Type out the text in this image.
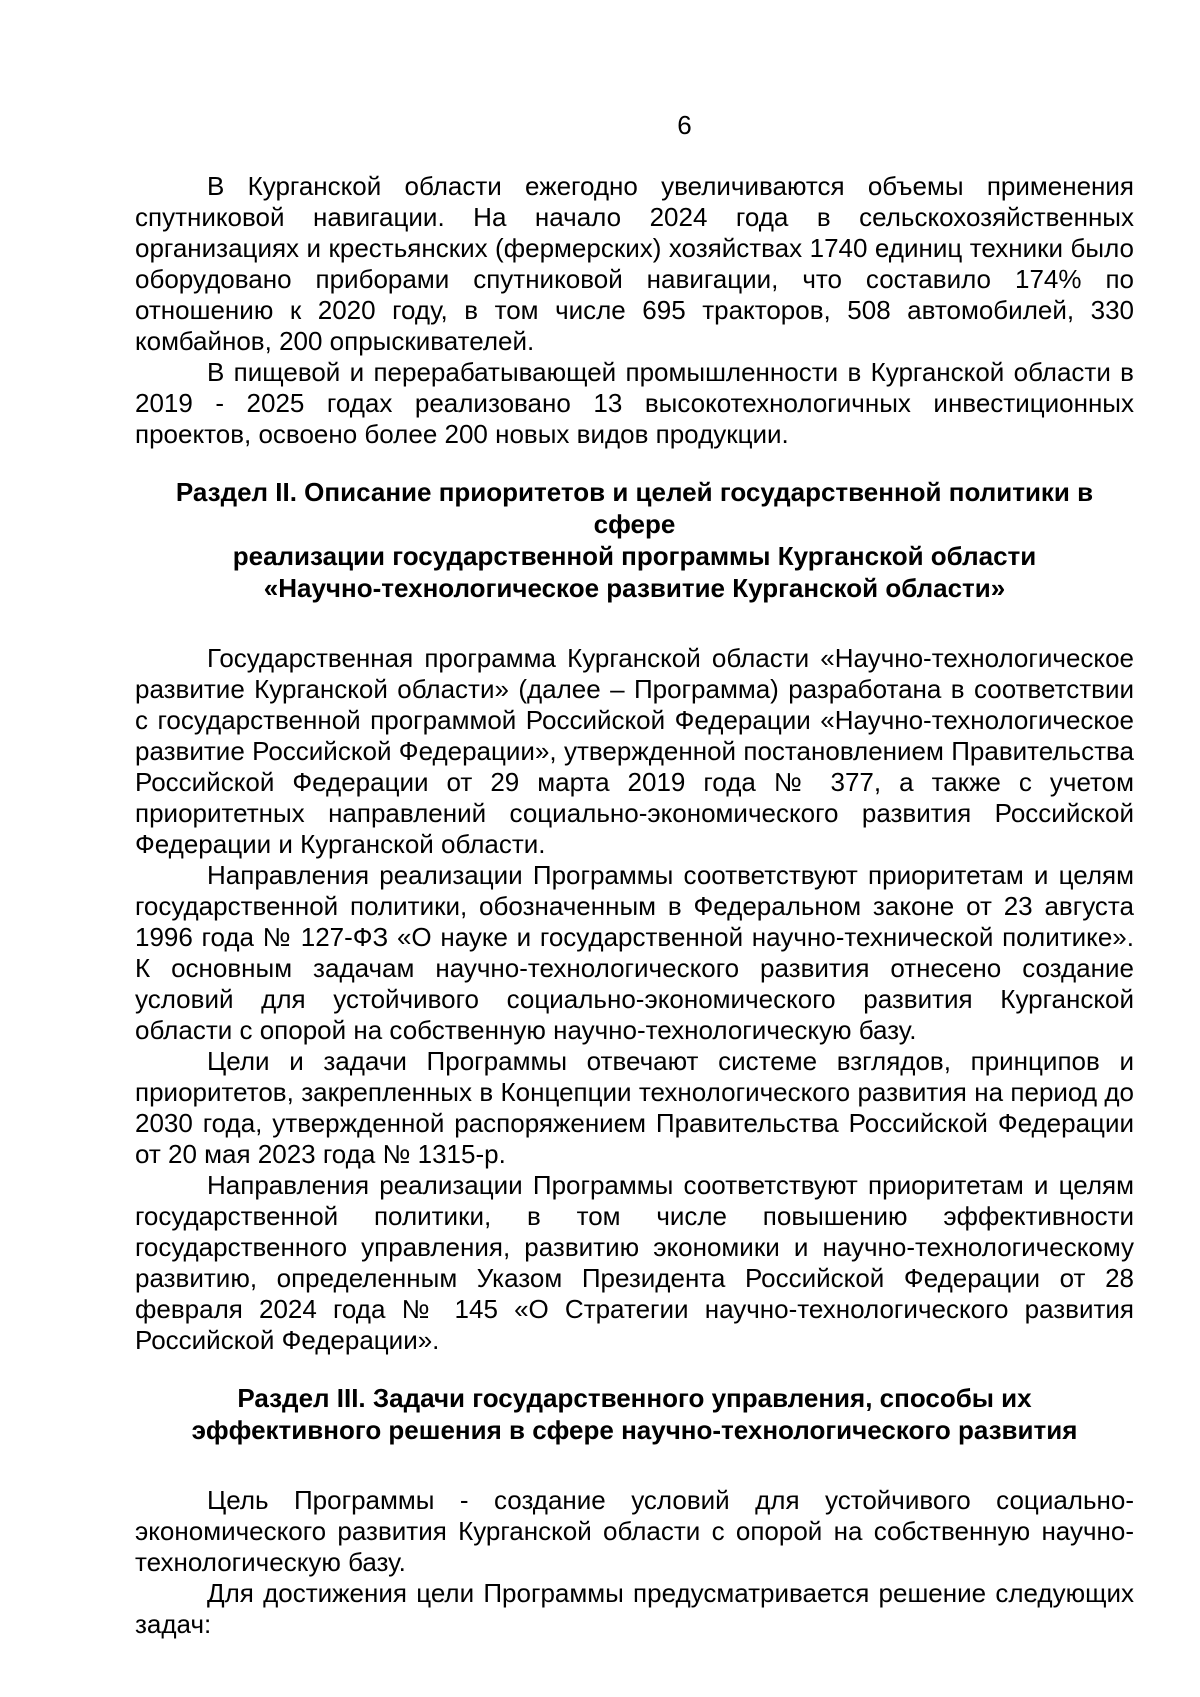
6

В Курганской области ежегодно увеличиваются объемы применения спутниковой навигации. На начало 2024 года в сельскохозяйственных организациях и крестьянских (фермерских) хозяйствах 1740 единиц техники было оборудовано приборами спутниковой навигации, что составило 174% по отношению к 2020 году, в том числе 695 тракторов, 508 автомобилей, 330 комбайнов, 200 опрыскивателей.

В пищевой и перерабатывающей промышленности в Курганской области в 2019 - 2025 годах реализовано 13 высокотехнологичных инвестиционных проектов, освоено более 200 новых видов продукции.

Раздел II. Описание приоритетов и целей государственной политики в сфере
реализации государственной программы Курганской области
«Научно-технологическое развитие Курганской области»

Государственная программа Курганской области «Научно-технологическое развитие Курганской области» (далее – Программа) разработана в соответствии с государственной программой Российской Федерации «Научно-технологическое развитие Российской Федерации», утвержденной постановлением Правительства Российской Федерации от 29 марта 2019 года № 377, а также с учетом приоритетных направлений социально-экономического развития Российской Федерации и Курганской области.

Направления реализации Программы соответствуют приоритетам и целям государственной политики, обозначенным в Федеральном законе от 23 августа 1996 года № 127-ФЗ «О науке и государственной научно-технической политике». К основным задачам научно-технологического развития отнесено создание условий для устойчивого социально-экономического развития Курганской области с опорой на собственную научно-технологическую базу.

Цели и задачи Программы отвечают системе взглядов, принципов и приоритетов, закрепленных в Концепции технологического развития на период до 2030 года, утвержденной распоряжением Правительства Российской Федерации от 20 мая 2023 года № 1315-р.

Направления реализации Программы соответствуют приоритетам и целям государственной политики, в том числе повышению эффективности государственного управления, развитию экономики и научно-технологическому развитию, определенным Указом Президента Российской Федерации от 28 февраля 2024 года № 145 «О Стратегии научно-технологического развития Российской Федерации».

Раздел III. Задачи государственного управления, способы их
эффективного решения в сфере научно-технологического развития

Цель Программы - создание условий для устойчивого социально-экономического развития Курганской области с опорой на собственную научно-технологическую базу.

Для достижения цели Программы предусматривается решение следующих задач:
